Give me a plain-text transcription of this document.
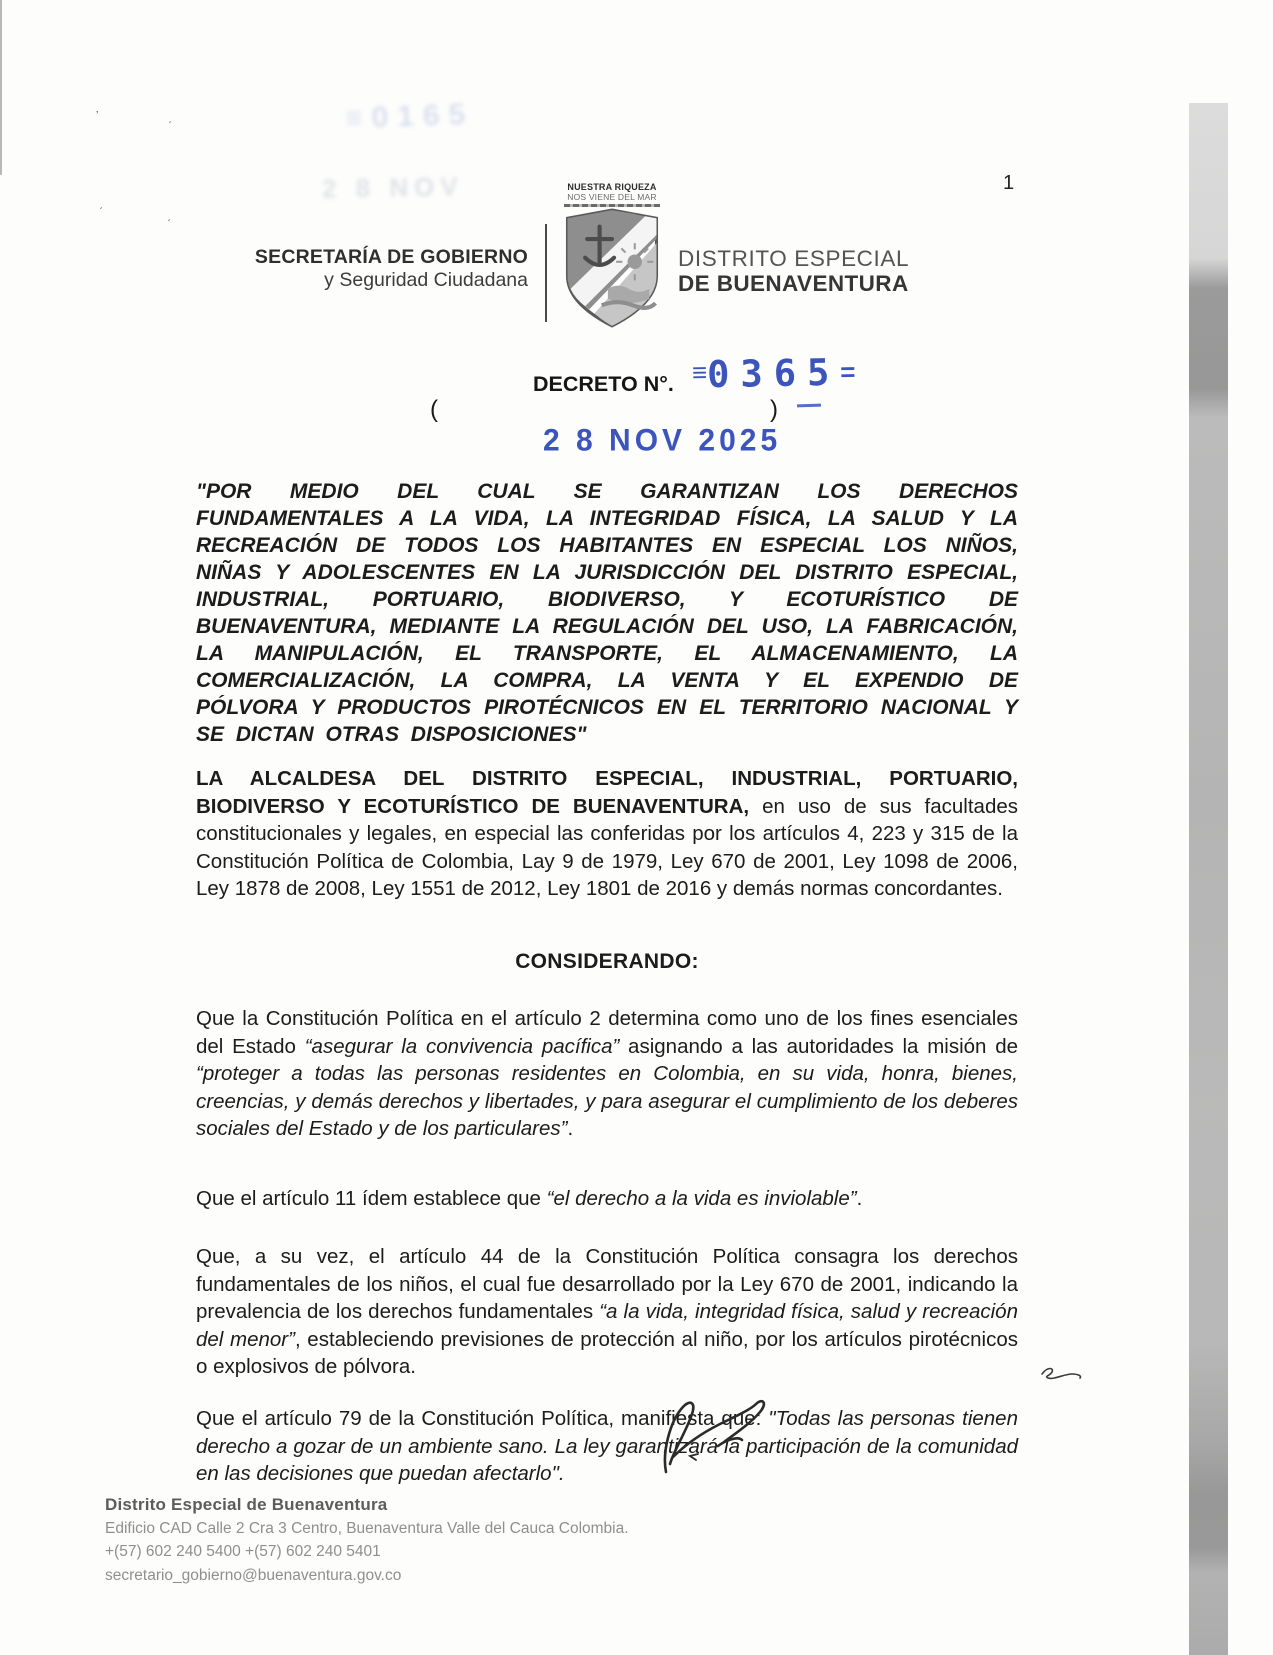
ʼ	ˏ
ˏ
ˏ
≡0165
2 8 NOV	1
SECRETARÍA DE GOBIERNO
y Seguridad Ciudadana
NUESTRA RIQUEZA
NOS VIENE DEL MAR
DISTRITO ESPECIAL
DE BUENAVENTURA
DECRETO N°. ≡0365=
(	)
2 8 NOV 2025
"POR MEDIO DEL CUAL SE GARANTIZAN LOS DERECHOS FUNDAMENTALES A LA VIDA, LA INTEGRIDAD FÍSICA, LA SALUD Y LA RECREACIÓN DE TODOS LOS HABITANTES EN ESPECIAL LOS NIÑOS, NIÑAS Y ADOLESCENTES EN LA JURISDICCIÓN DEL DISTRITO ESPECIAL, INDUSTRIAL, PORTUARIO, BIODIVERSO, Y ECOTURÍSTICO DE BUENAVENTURA, MEDIANTE LA REGULACIÓN DEL USO, LA FABRICACIÓN, LA MANIPULACIÓN, EL TRANSPORTE, EL ALMACENAMIENTO, LA COMERCIALIZACIÓN, LA COMPRA, LA VENTA Y EL EXPENDIO DE PÓLVORA Y PRODUCTOS PIROTÉCNICOS EN EL TERRITORIO NACIONAL Y SE DICTAN OTRAS DISPOSICIONES"
LA ALCALDESA DEL DISTRITO ESPECIAL, INDUSTRIAL, PORTUARIO, BIODIVERSO Y ECOTURÍSTICO DE BUENAVENTURA, en uso de sus facultades constitucionales y legales, en especial las conferidas por los artículos 4, 223 y 315 de la Constitución Política de Colombia, Lay 9 de 1979, Ley 670 de 2001, Ley 1098 de 2006, Ley 1878 de 2008, Ley 1551 de 2012, Ley 1801 de 2016 y demás normas concordantes.
CONSIDERANDO:
Que la Constitución Política en el artículo 2 determina como uno de los fines esenciales del Estado “asegurar la convivencia pacífica” asignando a las autoridades la misión de “proteger a todas las personas residentes en Colombia, en su vida, honra, bienes, creencias, y demás derechos y libertades, y para asegurar el cumplimiento de los deberes sociales del Estado y de los particulares”.
Que el artículo 11 ídem establece que “el derecho a la vida es inviolable”.
Que, a su vez, el artículo 44 de la Constitución Política consagra los derechos fundamentales de los niños, el cual fue desarrollado por la Ley 670 de 2001, indicando la prevalencia de los derechos fundamentales “a la vida, integridad física, salud y recreación del menor”, estableciendo previsiones de protección al niño, por los artículos pirotécnicos o explosivos de pólvora.
Que el artículo 79 de la Constitución Política, manifiesta que: "Todas las personas tienen derecho a gozar de un ambiente sano. La ley garantizará la participación de la comunidad en las decisiones que puedan afectarlo".
Distrito Especial de Buenaventura
Edificio CAD Calle 2 Cra 3 Centro, Buenaventura Valle del Cauca Colombia.
+(57) 602 240 5400 +(57) 602 240 5401
secretario_gobierno@buenaventura.gov.co
